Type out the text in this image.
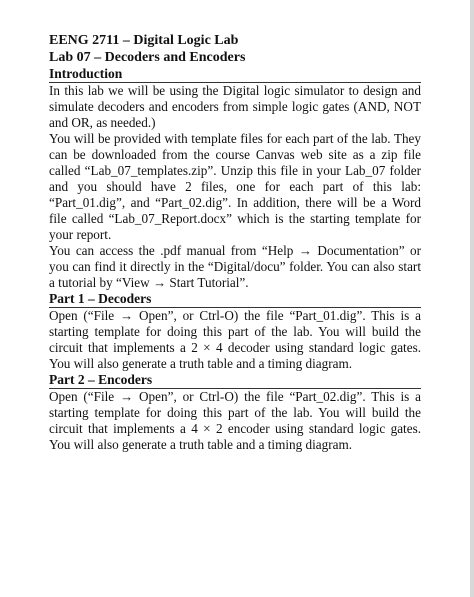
EENG 2711 – Digital Logic Lab

Lab 07 – Decoders and Encoders

Introduction

In this lab we will be using the Digital logic simulator to design and simulate decoders and encoders from simple logic gates (AND, NOT and OR, as needed.)

You will be provided with template files for each part of the lab. They can be downloaded from the course Canvas web site as a zip file called “Lab_07_templates.zip”. Unzip this file in your Lab_07 folder and you should have 2 files, one for each part of this lab: “Part_01.dig”, and “Part_02.dig”. In addition, there will be a Word file called “Lab_07_Report.docx” which is the starting template for your report.

You can access the .pdf manual from “Help → Documentation” or you can find it directly in the “Digital/docu” folder. You can also start a tutorial by “View → Start Tutorial”.

Part 1 – Decoders

Open (“File → Open”, or Ctrl-O) the file “Part_01.dig”. This is a starting template for doing this part of the lab. You will build the circuit that implements a 2 × 4 decoder using standard logic gates. You will also generate a truth table and a timing diagram.

Part 2 – Encoders

Open (“File → Open”, or Ctrl-O) the file “Part_02.dig”. This is a starting template for doing this part of the lab. You will build the circuit that implements a 4 × 2 encoder using standard logic gates. You will also generate a truth table and a timing diagram.
